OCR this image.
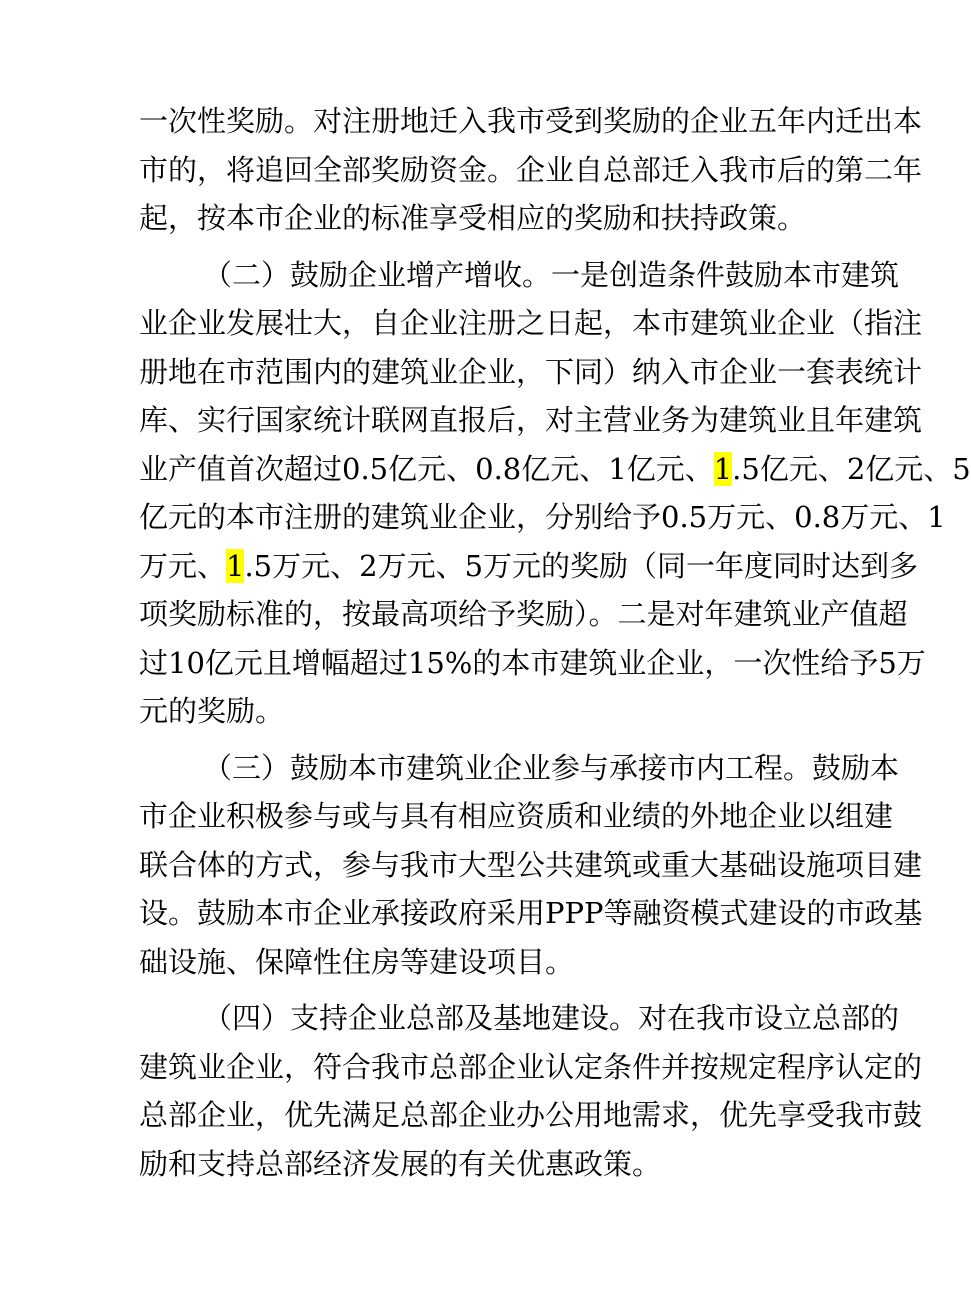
一次性奖励。对注册地迁入我市受到奖励的企业五年内迁出本
市的，将追回全部奖励资金。企业自总部迁入我市后的第二年
起，按本市企业的标准享受相应的奖励和扶持政策。
（二）鼓励企业增产增收。一是创造条件鼓励本市建筑
业企业发展壮大，自企业注册之日起，本市建筑业企业（指注
册地在市范围内的建筑业企业，下同）纳入市企业一套表统计
库、实行国家统计联网直报后，对主营业务为建筑业且年建筑
业产值首次超过0.5亿元、0.8亿元、1亿元、1.5亿元、2亿元、5
亿元的本市注册的建筑业企业，分别给予0.5万元、0.8万元、1
万元、1.5万元、2万元、5万元的奖励（同一年度同时达到多
项奖励标准的，按最高项给予奖励）。二是对年建筑业产值超
过10亿元且增幅超过15%的本市建筑业企业，一次性给予5万
元的奖励。
（三）鼓励本市建筑业企业参与承接市内工程。鼓励本
市企业积极参与或与具有相应资质和业绩的外地企业以组建
联合体的方式，参与我市大型公共建筑或重大基础设施项目建
设。鼓励本市企业承接政府采用PPP等融资模式建设的市政基
础设施、保障性住房等建设项目。
（四）支持企业总部及基地建设。对在我市设立总部的
建筑业企业，符合我市总部企业认定条件并按规定程序认定的
总部企业，优先满足总部企业办公用地需求，优先享受我市鼓
励和支持总部经济发展的有关优惠政策。
